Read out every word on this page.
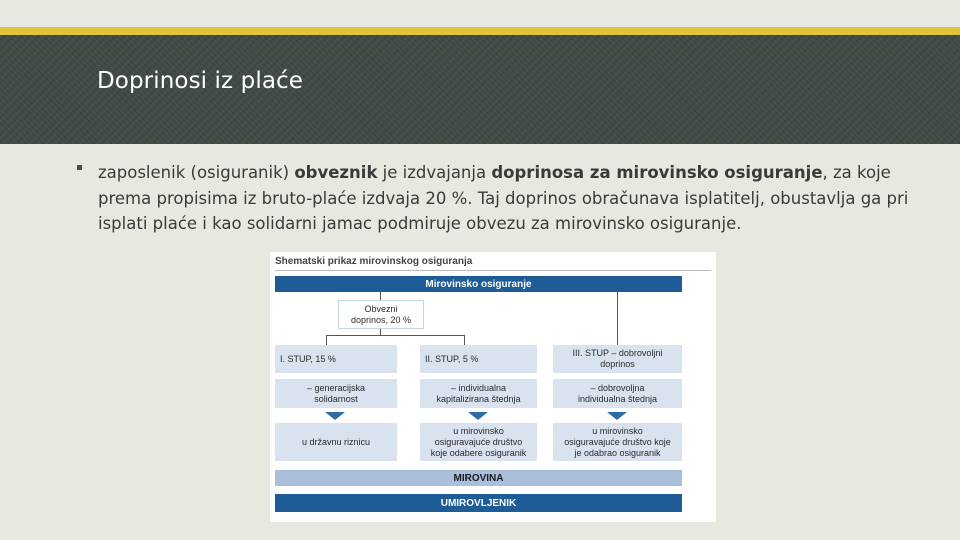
Doprinosi iz plaće

zaposlenik (osiguranik) obveznik je izdvajanja doprinosa za mirovinsko osiguranje, za koje prema propisima iz bruto-plaće izdvaja 20 %. Taj doprinos obračunava isplatitelj, obustavlja ga pri isplati plaće i kao solidarni jamac podmiruje obvezu za mirovinsko osiguranje.

Shematski prikaz mirovinskog osiguranja
Mirovinsko osiguranje
Obvezni
doprinos, 20 %
I. STUP, 15 %
– generacijska
solidarnost
u državnu riznicu
II. STUP, 5 %
– individualna
kapitalizirana štednja
u mirovinsko
osiguravajuće društvo
koje odabere osiguranik
III. STUP – dobrovoljni
doprinos
– dobrovoljna
individualna štednja
u mirovinsko
osiguravajuće društvo koje
je odabrao osiguranik
MIROVINA
UMIROVLJENIK
